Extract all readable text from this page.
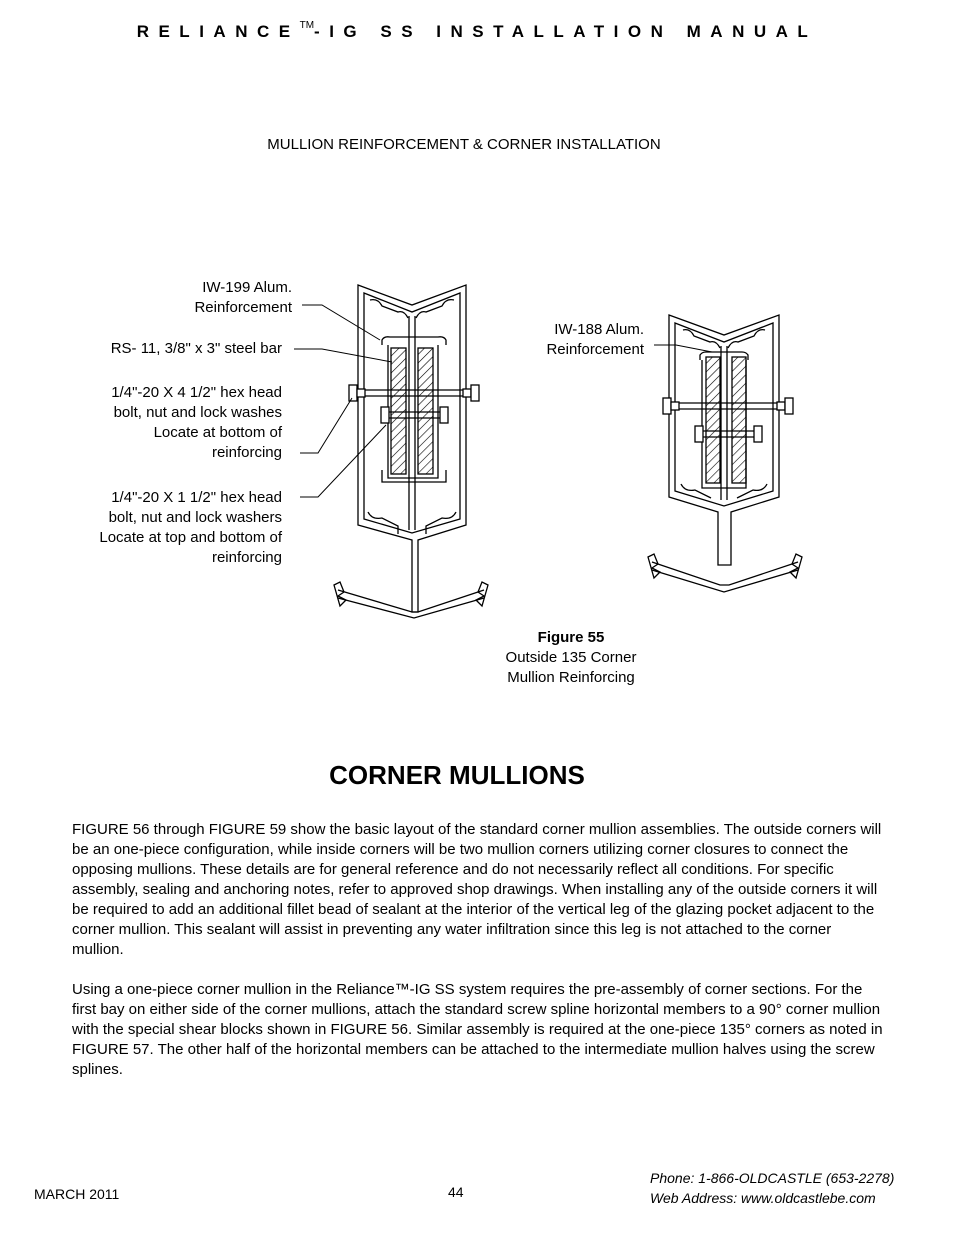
RELIANCE™-IG SS INSTALLATION MANUAL
MULLION REINFORCEMENT & CORNER INSTALLATION
IW-199 Alum.
Reinforcement
RS- 11, 3/8" x 3" steel bar
1/4"-20 X 4 1/2" hex head
bolt, nut and lock washes
Locate at bottom of
reinforcing
1/4"-20 X 1 1/2" hex head
bolt, nut and lock washers
Locate at top and bottom of
reinforcing
IW-188 Alum.
Reinforcement
Figure 55
Outside 135 Corner
Mullion Reinforcing
CORNER MULLIONS
FIGURE 56 through FIGURE 59 show the basic layout of the standard corner mullion assemblies. The outside corners will be an one-piece configuration, while inside corners will be two mullion corners utilizing corner closures to connect the opposing mullions. These details are for general reference and do not necessarily reflect all conditions. For specific assembly, sealing and anchoring notes, refer to approved shop drawings. When installing any of the outside corners it will be required to add an additional fillet bead of sealant at the interior of the vertical leg of the glazing pocket adjacent to the corner mullion. This sealant will assist in preventing any water infiltration since this leg is not attached to the corner mullion.
Using a one-piece corner mullion in the Reliance™-IG SS system requires the pre-assembly of corner sections. For the first bay on either side of the corner mullions, attach the standard screw spline horizontal members to a 90° corner mullion with the special shear blocks shown in FIGURE 56. Similar assembly is required at the one-piece 135° corners as noted in FIGURE 57. The other half of the horizontal members can be attached to the intermediate mullion halves using the screw splines.
MARCH 2011	44
Phone: 1-866-OLDCASTLE (653-2278)
Web Address: www.oldcastlebe.com
